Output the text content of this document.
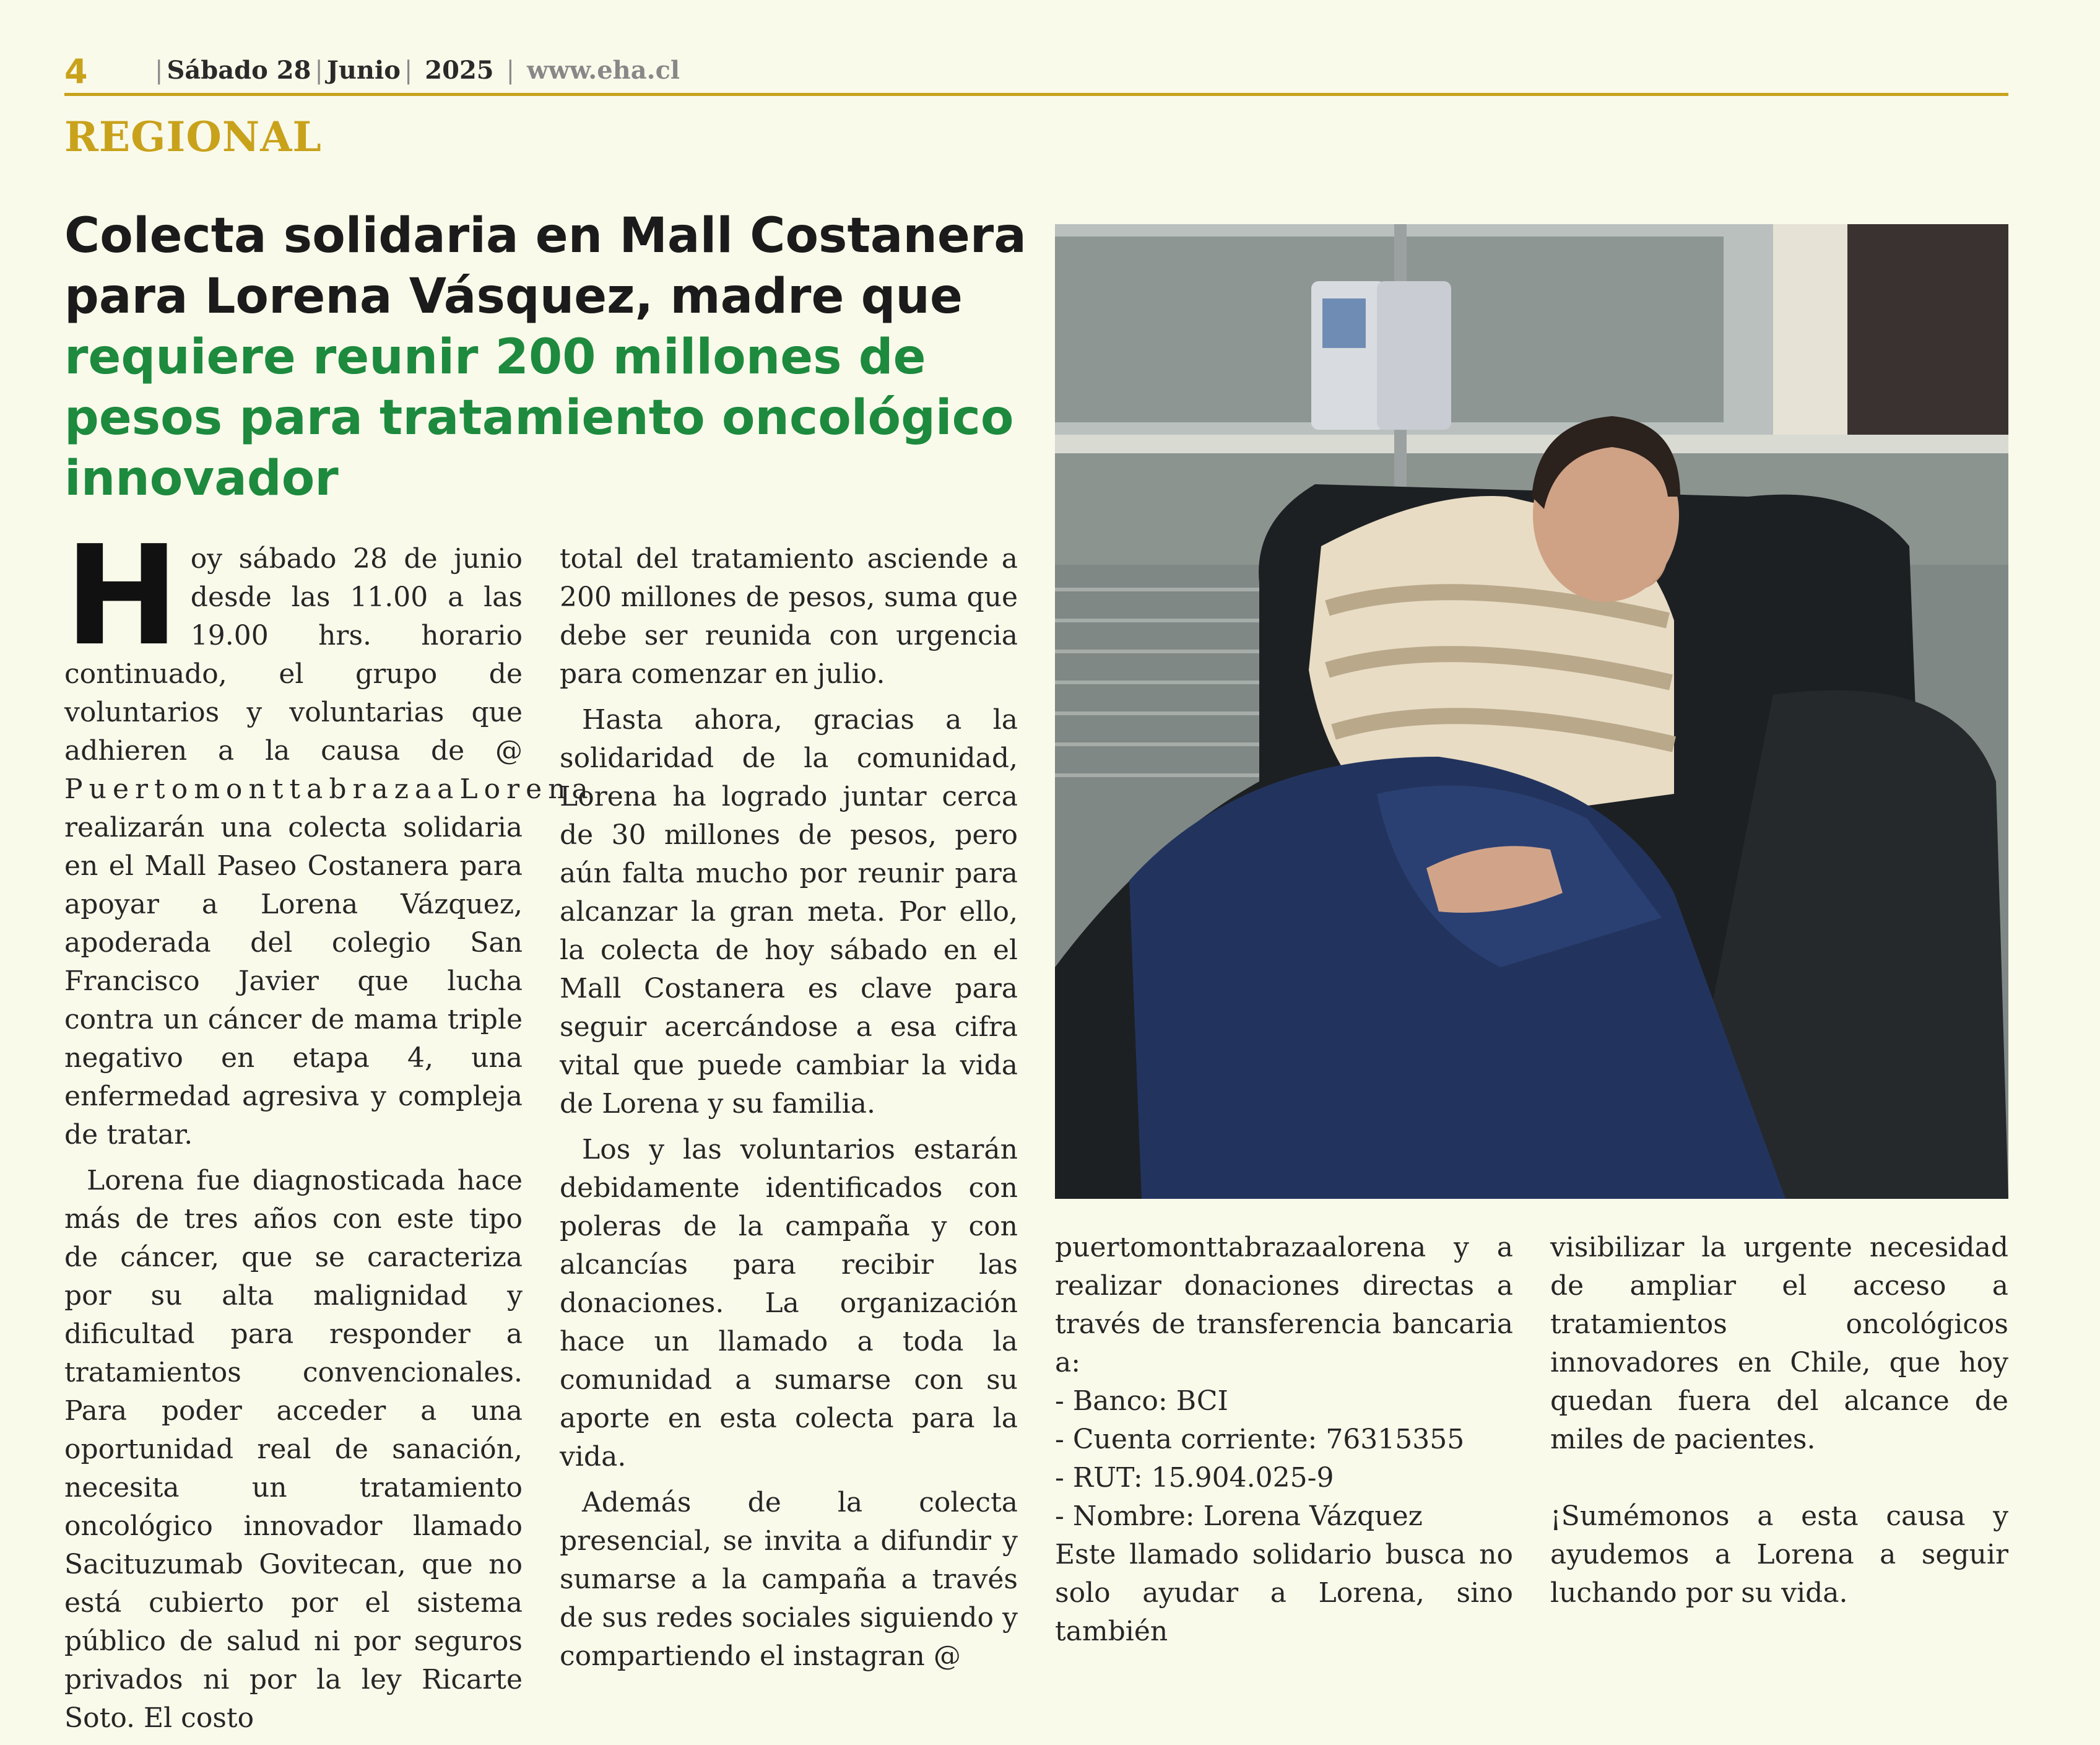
4	| Sábado 28 | Junio | 2025 | www.eha.cl
REGIONAL
Colecta solidaria en Mall Costanera para Lorena Vásquez, madre que requiere reunir 200 millones de pesos para tratamiento oncológico innovador
H oy sábado 28 de junio desde las 11.00 a las 19.00 hrs. horario continuado, el grupo de voluntarios y voluntarias que adhieren a la causa de @ PuertomonttabrazaaLorena realizarán una colecta solidaria en el Mall Paseo Costanera para apoyar a Lorena Vázquez, apoderada del colegio San Francisco Javier que lucha contra un cáncer de mama triple negativo en etapa 4, una enfermedad agresiva y compleja de tratar.

Lorena fue diagnosticada hace más de tres años con este tipo de cáncer, que se caracteriza por su alta malignidad y dificultad para responder a tratamientos convencionales. Para poder acceder a una oportunidad real de sanación, necesita un tratamiento oncológico innovador llamado Sacituzumab Govitecan, que no está cubierto por el sistema público de salud ni por seguros privados ni por la ley Ricarte Soto. El costo

total del tratamiento asciende a 200 millones de pesos, suma que debe ser reunida con urgencia para comenzar en julio.

Hasta ahora, gracias a la solidaridad de la comunidad, Lorena ha logrado juntar cerca de 30 millones de pesos, pero aún falta mucho por reunir para alcanzar la gran meta. Por ello, la colecta de hoy sábado en el Mall Costanera es clave para seguir acercándose a esa cifra vital que puede cambiar la vida de Lorena y su familia.

Los y las voluntarios estarán debidamente identificados con poleras de la campaña y con alcancías para recibir las donaciones. La organización hace un llamado a toda la comunidad a sumarse con su aporte en esta colecta para la vida.

Además de la colecta presencial, se invita a difundir y sumarse a la campaña a través de sus redes sociales siguiendo y compartiendo el instagran @

puertomonttabrazaalorena y a realizar donaciones directas a través de transferencia bancaria a:

- Banco: BCI

- Cuenta corriente: 76315355

- RUT: 15.904.025-9

- Nombre: Lorena Vázquez

Este llamado solidario busca no solo ayudar a Lorena, sino también

visibilizar la urgente necesidad de ampliar el acceso a tratamientos oncológicos innovadores en Chile, que hoy quedan fuera del alcance de miles de pacientes.

¡Sumémonos a esta causa y ayudemos a Lorena a seguir luchando por su vida.
